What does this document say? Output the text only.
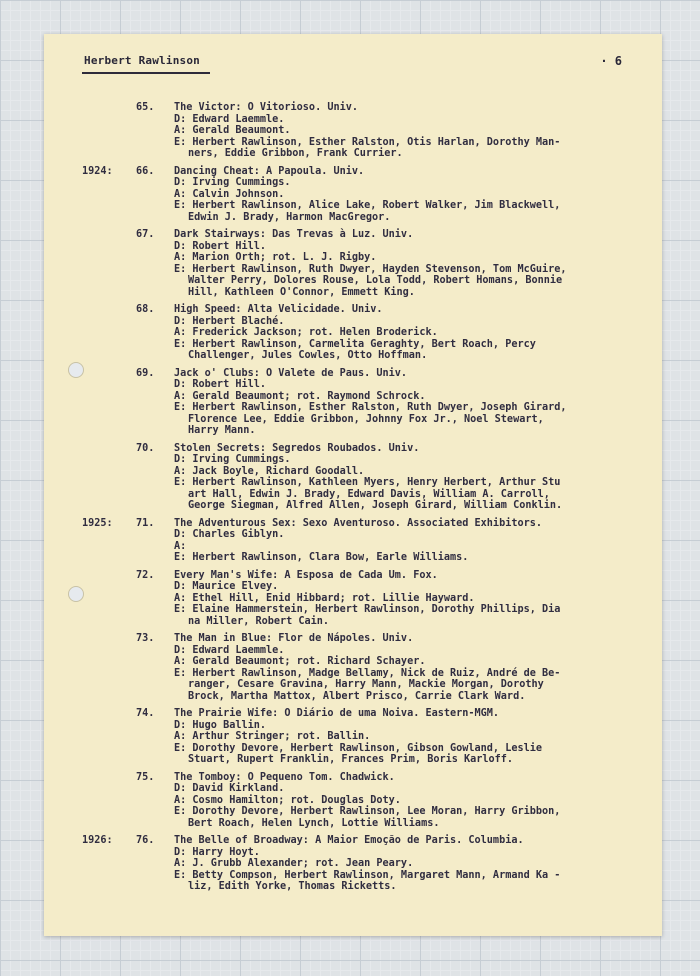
Herbert Rawlinson	· 6
65. The Victor: O Vitorioso. Univ.
D: Edward Laemmle.
A: Gerald Beaumont.
E: Herbert Rawlinson, Esther Ralston, Otis Harlan, Dorothy Man-
ners, Eddie Gribbon, Frank Currier.
1924: 66. Dancing Cheat: A Papoula. Univ.
D: Irving Cummings.
A: Calvin Johnson.
E: Herbert Rawlinson, Alice Lake, Robert Walker, Jim Blackwell,
Edwin J. Brady, Harmon MacGregor.
67. Dark Stairways: Das Trevas à Luz. Univ.
D: Robert Hill.
A: Marion Orth; rot. L. J. Rigby.
E: Herbert Rawlinson, Ruth Dwyer, Hayden Stevenson, Tom McGuire,
Walter Perry, Dolores Rouse, Lola Todd, Robert Homans, Bonnie
Hill, Kathleen O'Connor, Emmett King.
68. High Speed: Alta Velicidade. Univ.
D: Herbert Blaché.
A: Frederick Jackson; rot. Helen Broderick.
E: Herbert Rawlinson, Carmelita Geraghty, Bert Roach, Percy
Challenger, Jules Cowles, Otto Hoffman.
69. Jack o' Clubs: O Valete de Paus. Univ.
D: Robert Hill.
A: Gerald Beaumont; rot. Raymond Schrock.
E: Herbert Rawlinson, Esther Ralston, Ruth Dwyer, Joseph Girard,
Florence Lee, Eddie Gribbon, Johnny Fox Jr., Noel Stewart,
Harry Mann.
70. Stolen Secrets: Segredos Roubados. Univ.
D: Irving Cummings.
A: Jack Boyle, Richard Goodall.
E: Herbert Rawlinson, Kathleen Myers, Henry Herbert, Arthur Stu
art Hall, Edwin J. Brady, Edward Davis, William A. Carroll,
George Siegman, Alfred Allen, Joseph Girard, William Conklin.
1925: 71. The Adventurous Sex: Sexo Aventuroso. Associated Exhibitors.
D: Charles Giblyn.
A:
E: Herbert Rawlinson, Clara Bow, Earle Williams.
72. Every Man's Wife: A Esposa de Cada Um. Fox.
D: Maurice Elvey.
A: Ethel Hill, Enid Hibbard; rot. Lillie Hayward.
E: Elaine Hammerstein, Herbert Rawlinson, Dorothy Phillips, Dia
na Miller, Robert Cain.
73. The Man in Blue: Flor de Nápoles. Univ.
D: Edward Laemmle.
A: Gerald Beaumont; rot. Richard Schayer.
E: Herbert Rawlinson, Madge Bellamy, Nick de Ruiz, André de Be-
ranger, Cesare Gravina, Harry Mann, Mackie Morgan, Dorothy
Brock, Martha Mattox, Albert Prisco, Carrie Clark Ward.
74. The Prairie Wife: O Diário de uma Noiva. Eastern-MGM.
D: Hugo Ballin.
A: Arthur Stringer; rot. Ballin.
E: Dorothy Devore, Herbert Rawlinson, Gibson Gowland, Leslie
Stuart, Rupert Franklin, Frances Prim, Boris Karloff.
75. The Tomboy: O Pequeno Tom. Chadwick.
D: David Kirkland.
A: Cosmo Hamilton; rot. Douglas Doty.
E: Dorothy Devore, Herbert Rawlinson, Lee Moran, Harry Gribbon,
Bert Roach, Helen Lynch, Lottie Williams.
1926: 76. The Belle of Broadway: A Maior Emoção de Paris. Columbia.
D: Harry Hoyt.
A: J. Grubb Alexander; rot. Jean Peary.
E: Betty Compson, Herbert Rawlinson, Margaret Mann, Armand Ka -
liz, Edith Yorke, Thomas Ricketts.
